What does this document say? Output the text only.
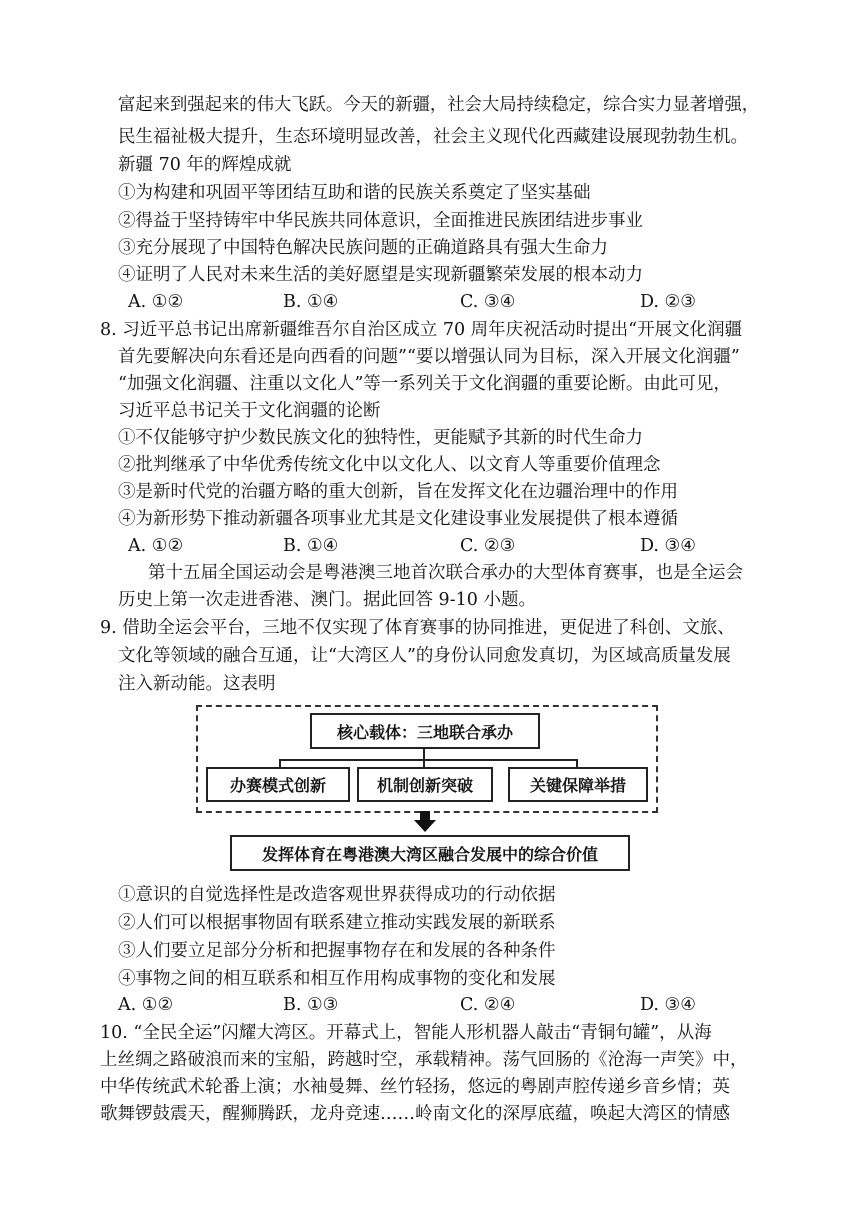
富起来到强起来的伟大飞跃。今天的新疆，社会大局持续稳定，综合实力显著增强，
民生福祉极大提升，生态环境明显改善，社会主义现代化西藏建设展现勃勃生机。
新疆 70 年的辉煌成就
①为构建和巩固平等团结互助和谐的民族关系奠定了坚实基础
②得益于坚持铸牢中华民族共同体意识，全面推进民族团结进步事业
③充分展现了中国特色解决民族问题的正确道路具有强大生命力
④证明了人民对未来生活的美好愿望是实现新疆繁荣发展的根本动力
A. ①②	B. ①④	C. ③④	D. ②③
8. 习近平总书记出席新疆维吾尔自治区成立 70 周年庆祝活动时提出“开展文化润疆
首先要解决向东看还是向西看的问题”“要以增强认同为目标，深入开展文化润疆”
“加强文化润疆、注重以文化人”等一系列关于文化润疆的重要论断。由此可见，
习近平总书记关于文化润疆的论断
①不仅能够守护少数民族文化的独特性，更能赋予其新的时代生命力
②批判继承了中华优秀传统文化中以文化人、以文育人等重要价值理念
③是新时代党的治疆方略的重大创新，旨在发挥文化在边疆治理中的作用
④为新形势下推动新疆各项事业尤其是文化建设事业发展提供了根本遵循
A. ①②	B. ①④	C. ②③	D. ③④
第十五届全国运动会是粤港澳三地首次联合承办的大型体育赛事，也是全运会
历史上第一次走进香港、澳门。据此回答 9-10 小题。
9. 借助全运会平台，三地不仅实现了体育赛事的协同推进，更促进了科创、文旅、
文化等领域的融合互通，让“大湾区人”的身份认同愈发真切，为区域高质量发展
注入新动能。这表明
核心载体：三地联合承办
办赛模式创新	机制创新突破	关键保障举措
发挥体育在粤港澳大湾区融合发展中的综合价值
①意识的自觉选择性是改造客观世界获得成功的行动依据
②人们可以根据事物固有联系建立推动实践发展的新联系
③人们要立足部分分析和把握事物存在和发展的各种条件
④事物之间的相互联系和相互作用构成事物的变化和发展
A. ①②	B. ①③	C. ②④	D. ③④
10. “全民全运”闪耀大湾区。开幕式上，智能人形机器人敲击“青铜句罐”，从海
上丝绸之路破浪而来的宝船，跨越时空，承载精神。荡气回肠的《沧海一声笑》中，
中华传统武术轮番上演；水袖曼舞、丝竹轻扬，悠远的粤剧声腔传递乡音乡情；英
歌舞锣鼓震天，醒狮腾跃，龙舟竞速……岭南文化的深厚底蕴，唤起大湾区的情感
